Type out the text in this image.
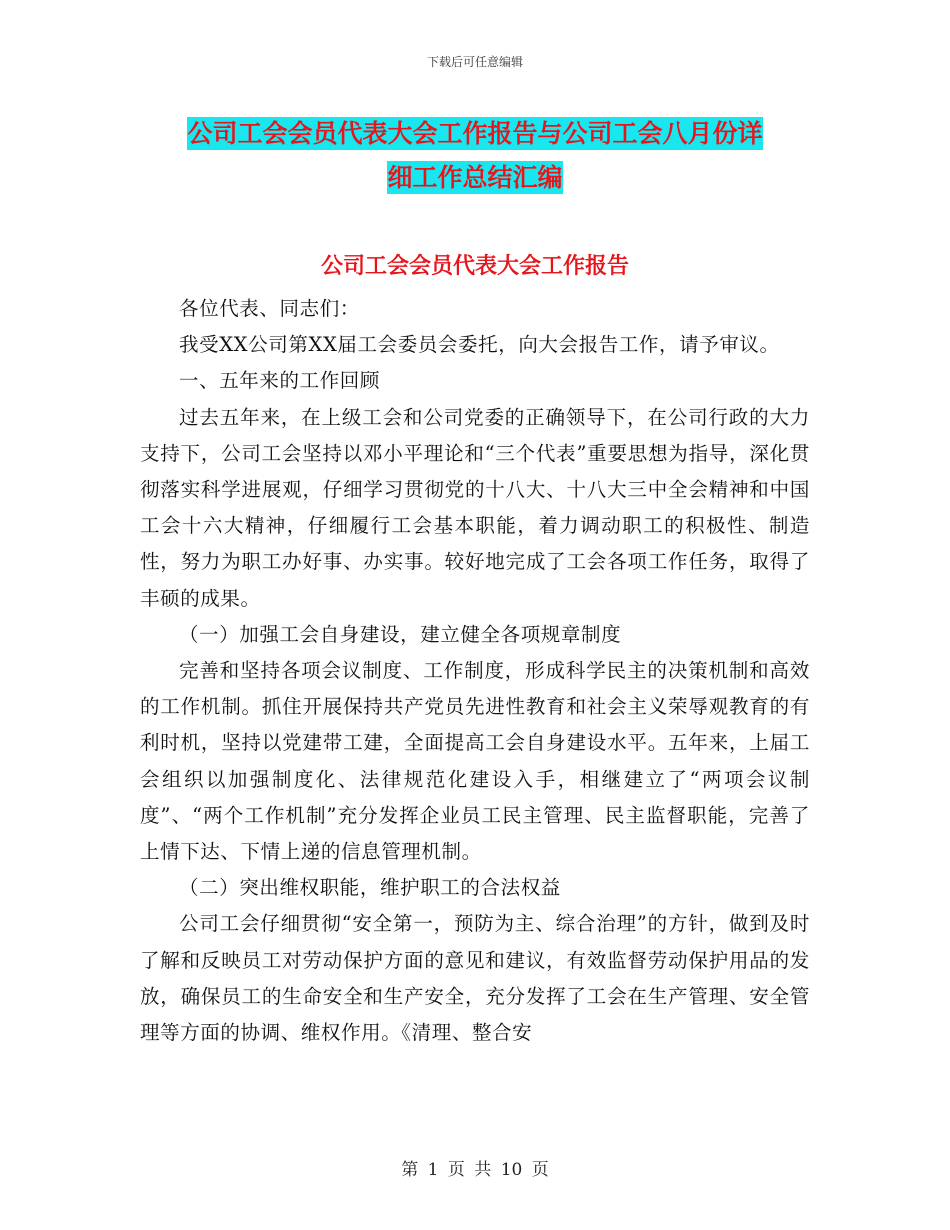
下载后可任意编辑
公司工会会员代表大会工作报告与公司工会八月份详
细工作总结汇编
公司工会会员代表大会工作报告

各位代表、同志们：

我受XX公司第XX届工会委员会委托，向大会报告工作，请予审议。

一、五年来的工作回顾

过去五年来，在上级工会和公司党委的正确领导下，在公司行政的大力支持下，公司工会坚持以邓小平理论和“三个代表”重要思想为指导，深化贯彻落实科学进展观，仔细学习贯彻党的十八大、十八大三中全会精神和中国工会十六大精神，仔细履行工会基本职能，着力调动职工的积极性、制造性，努力为职工办好事、办实事。较好地完成了工会各项工作任务，取得了丰硕的成果。

（一）加强工会自身建设，建立健全各项规章制度

完善和坚持各项会议制度、工作制度，形成科学民主的决策机制和高效的工作机制。抓住开展保持共产党员先进性教育和社会主义荣辱观教育的有利时机，坚持以党建带工建，全面提高工会自身建设水平。五年来，上届工会组织以加强制度化、法律规范化建设入手，相继建立了“两项会议制度”、“两个工作机制”充分发挥企业员工民主管理、民主监督职能，完善了上情下达、下情上递的信息管理机制。

（二）突出维权职能，维护职工的合法权益

公司工会仔细贯彻“安全第一，预防为主、综合治理”的方针，做到及时了解和反映员工对劳动保护方面的意见和建议，有效监督劳动保护用品的发放，确保员工的生命安全和生产安全，充分发挥了工会在生产管理、安全管理等方面的协调、维权作用。《清理、整合安

第 1 页 共 10 页
